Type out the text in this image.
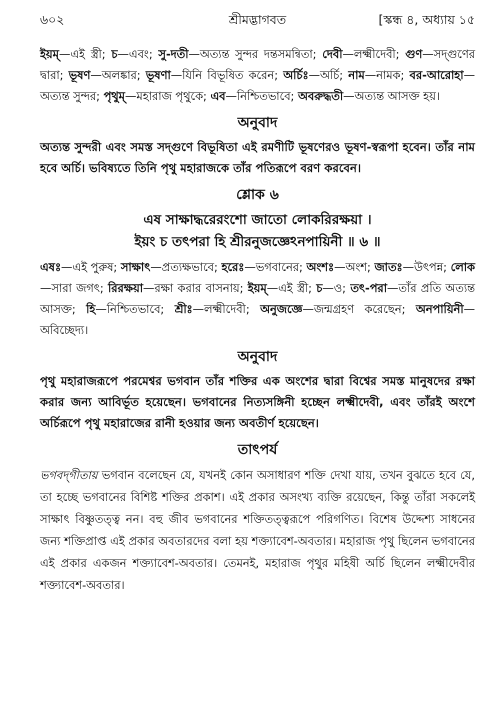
৬০২	শ্রীমদ্ভাগবত	[স্কন্ধ ৪, অধ্যায় ১৫

ইয়ম্—এই স্ত্রী; চ—এবং; সু-দতী—অত্যন্ত সুন্দর দন্তসমন্বিতা; দেবী—লক্ষ্মীদেবী; গুণ—সদ্‌গুণের দ্বারা; ভূষণ—অলঙ্কার; ভূষণা—যিনি বিভূষিত করেন; অর্চিঃ—অর্চি; নাম—নামক; বর-আরোহা—অত্যন্ত সুন্দর; পৃথুম্—মহারাজ পৃথুকে; এব—নিশ্চিতভাবে; অবরুদ্ধতী—অত্যন্ত আসক্ত হয়।

অনুবাদ

অত্যন্ত সুন্দরী এবং সমস্ত সদ্‌গুণে বিভূষিতা এই রমণীটি ভূষণেরও ভূষণ-স্বরূপা হবেন। তাঁর নাম হবে অর্চি। ভবিষ্যতে তিনি পৃথু মহারাজকে তাঁর পতিরূপে বরণ করবেন।

শ্লোক ৬

এষ সাক্ষাদ্ধরেরংশো জাতো লোকরিরক্ষয়া ।

ইয়ং চ তৎপরা হি শ্রীরনুজজ্ঞেঽনপায়িনী ॥ ৬ ॥

এষঃ—এই পুরুষ; সাক্ষাৎ—প্রত্যক্ষভাবে; হরেঃ—ভগবানের; অংশঃ—অংশ; জাতঃ—উৎপন্ন; লোক—সারা জগৎ; রিরক্ষয়া—রক্ষা করার বাসনায়; ইয়ম্—এই স্ত্রী; চ—ও; তৎ-পরা—তাঁর প্রতি অত্যন্ত আসক্ত; হি—নিশ্চিতভাবে; শ্রীঃ—লক্ষ্মীদেবী; অনুজজ্ঞে—জন্মগ্রহণ করেছেন; অনপায়িনী—অবিচ্ছেদ্য।

অনুবাদ

পৃথু মহারাজরূপে পরমেশ্বর ভগবান তাঁর শক্তির এক অংশের দ্বারা বিশ্বের সমস্ত মানুষদের রক্ষা করার জন্য আবির্ভূত হয়েছেন। ভগবানের নিত্যসঙ্গিনী হচ্ছেন লক্ষ্মীদেবী, এবং তাঁরই অংশে অর্চিরূপে পৃথু মহারাজের রানী হওয়ার জন্য অবতীর্ণ হয়েছেন।

তাৎপর্য

ভগবদ্‌গীতায় ভগবান বলেছেন যে, যখনই কোন অসাধারণ শক্তি দেখা যায়, তখন বুঝতে হবে যে, তা হচ্ছে ভগবানের বিশিষ্ট শক্তির প্রকাশ। এই প্রকার অসংখ্য ব্যক্তি রয়েছেন, কিন্তু তাঁরা সকলেই সাক্ষাৎ বিষ্ণুতত্ত্ব নন। বহু জীব ভগবানের শক্তিতত্ত্বরূপে পরিগণিত। বিশেষ উদ্দেশ্য সাধনের জন্য শক্তিপ্রাপ্ত এই প্রকার অবতারদের বলা হয় শক্ত্যাবেশ-অবতার। মহারাজ পৃথু ছিলেন ভগবানের এই প্রকার একজন শক্ত্যাবেশ-অবতার। তেমনই, মহারাজ পৃথুর মহিষী অর্চি ছিলেন লক্ষ্মীদেবীর শক্ত্যাবেশ-অবতার।
